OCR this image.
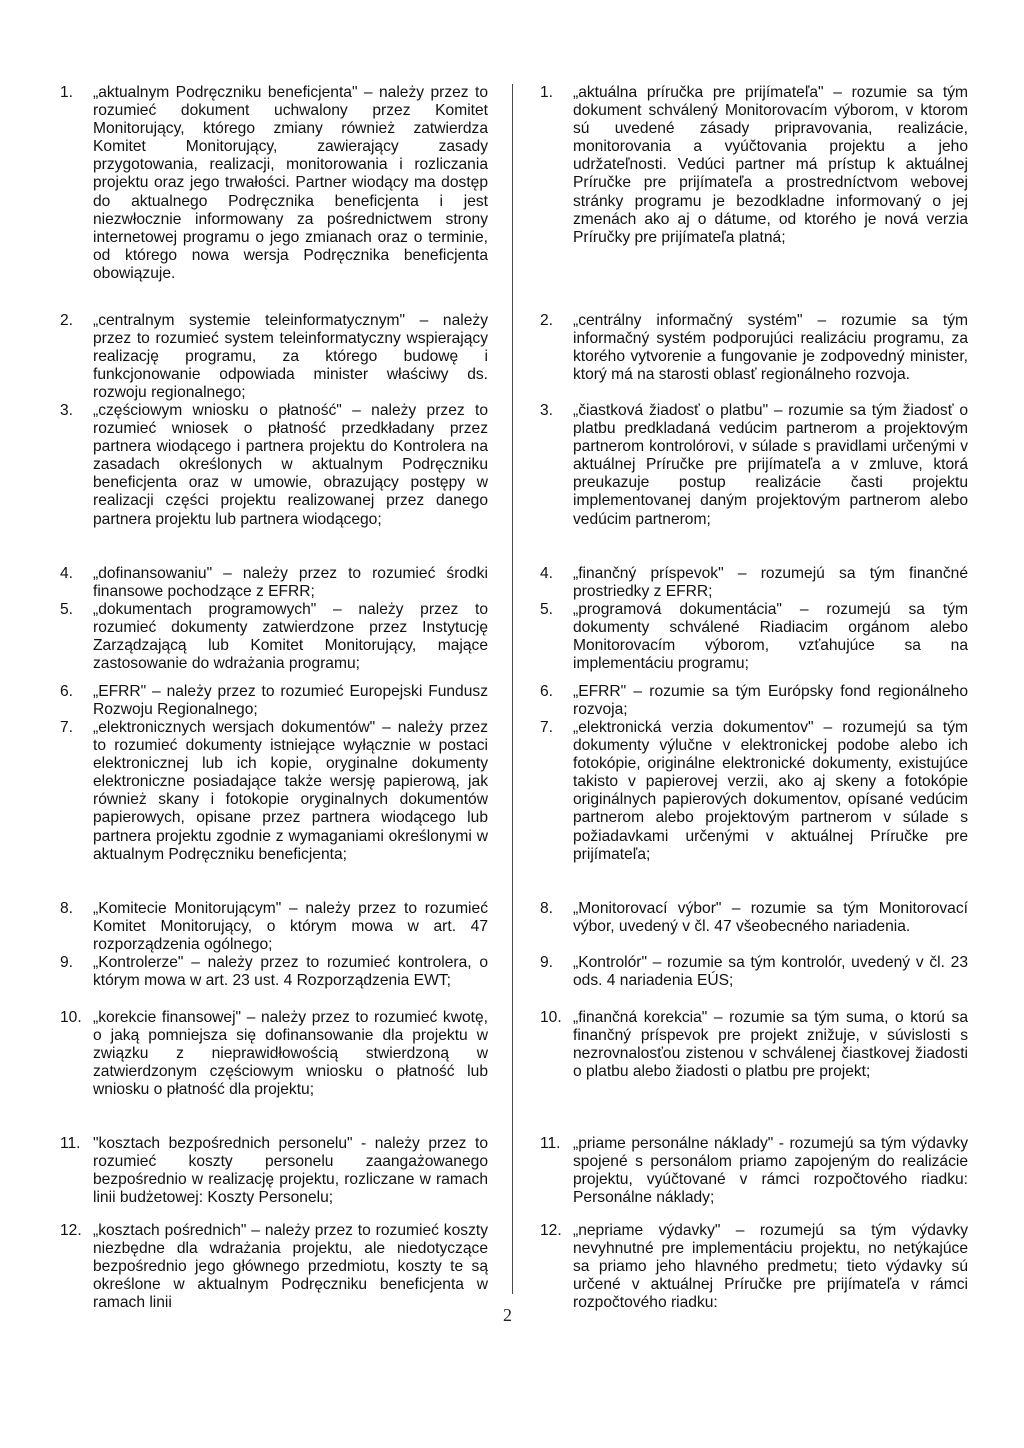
1.	„aktualnym Podręczniku beneficjenta" – należy przez to rozumieć dokument uchwalony przez Komitet Monitorujący, którego zmiany również zatwierdza Komitet Monitorujący, zawierający zasady przygotowania, realizacji, monitorowania i rozliczania projektu oraz jego trwałości. Partner wiodący ma dostęp do aktualnego Podręcznika beneficjenta i jest niezwłocznie informowany za pośrednictwem strony internetowej programu o jego zmianach oraz o terminie, od którego nowa wersja Podręcznika beneficjenta obowiązuje.
2.	„centralnym systemie teleinformatycznym" – należy przez to rozumieć system teleinformatyczny wspierający realizację programu, za którego budowę i funkcjonowanie odpowiada minister właściwy ds. rozwoju regionalnego;
3.	„częściowym wniosku o płatność" – należy przez to rozumieć wniosek o płatność przedkładany przez partnera wiodącego i partnera projektu do Kontrolera na zasadach określonych w aktualnym Podręczniku beneficjenta oraz w umowie, obrazujący postępy w realizacji części projektu realizowanej przez danego partnera projektu lub partnera wiodącego;
4.	„dofinansowaniu" – należy przez to rozumieć środki finansowe pochodzące z EFRR;
5.	„dokumentach programowych" – należy przez to rozumieć dokumenty zatwierdzone przez Instytucję Zarządzającą lub Komitet Monitorujący, mające zastosowanie do wdrażania programu;
6.	„EFRR" – należy przez to rozumieć Europejski Fundusz Rozwoju Regionalnego;
7.	„elektronicznych wersjach dokumentów" – należy przez to rozumieć dokumenty istniejące wyłącznie w postaci elektronicznej lub ich kopie, oryginalne dokumenty elektroniczne posiadające także wersję papierową, jak również skany i fotokopie oryginalnych dokumentów papierowych, opisane przez partnera wiodącego lub partnera projektu zgodnie z wymaganiami określonymi w aktualnym Podręczniku beneficjenta;
8.	„Komitecie Monitorującym" – należy przez to rozumieć Komitet Monitorujący, o którym mowa w art. 47 rozporządzenia ogólnego;
9.	„Kontrolerze" – należy przez to rozumieć kontrolera, o którym mowa w art. 23 ust. 4 Rozporządzenia EWT;
10. „korekcie finansowej" – należy przez to rozumieć kwotę, o jaką pomniejsza się dofinansowanie dla projektu w związku z nieprawidłowością stwierdzoną w zatwierdzonym częściowym wniosku o płatność lub wniosku o płatność dla projektu;
11. "kosztach bezpośrednich personelu" - należy przez to rozumieć koszty personelu zaangażowanego bezpośrednio w realizację projektu, rozliczane w ramach linii budżetowej: Koszty Personelu;
12. „kosztach pośrednich" – należy przez to rozumieć koszty niezbędne dla wdrażania projektu, ale niedotyczące bezpośrednio jego głównego przedmiotu, koszty te są określone w aktualnym Podręczniku beneficjenta w ramach linii
1.	„aktuálna príručka pre prijímateľa" – rozumie sa tým dokument schválený Monitorovacím výborom, v ktorom sú uvedené zásady pripravovania, realizácie, monitorovania a vyúčtovania projektu a jeho udržateľnosti. Vedúci partner má prístup k aktuálnej Príručke pre prijímateľa a prostredníctvom webovej stránky programu je bezodkladne informovaný o jej zmenách ako aj o dátume, od ktorého je nová verzia Príručky pre prijímateľa platná;
2.	„centrálny informačný systém" – rozumie sa tým informačný systém podporujúci realizáciu programu, za ktorého vytvorenie a fungovanie je zodpovedný minister, ktorý má na starosti oblasť regionálneho rozvoja.
3.	„čiastková žiadosť o platbu" – rozumie sa tým žiadosť o platbu predkladaná vedúcim partnerom a projektovým partnerom kontrolórovi, v súlade s pravidlami určenými v aktuálnej Príručke pre prijímateľa a v zmluve, ktorá preukazuje postup realizácie časti projektu implementovanej daným projektovým partnerom alebo vedúcim partnerom;
4.	„finančný príspevok" – rozumejú sa tým finančné prostriedky z EFRR;
5.	„programová dokumentácia" – rozumejú sa tým dokumenty schválené Riadiacim orgánom alebo Monitorovacím výborom, vzťahujúce sa na implementáciu programu;
6.	„EFRR" – rozumie sa tým Európsky fond regionálneho rozvoja;
7.	„elektronická verzia dokumentov" – rozumejú sa tým dokumenty výlučne v elektronickej podobe alebo ich fotokópie, originálne elektronické dokumenty, existujúce takisto v papierovej verzii, ako aj skeny a fotokópie originálnych papierových dokumentov, opísané vedúcim partnerom alebo projektovým partnerom v súlade s požiadavkami určenými v aktuálnej Príručke pre prijímateľa;
8.	„Monitorovací výbor" – rozumie sa tým Monitorovací výbor, uvedený v čl. 47 všeobecného nariadenia.
9.	„Kontrolór" – rozumie sa tým kontrolór, uvedený v čl. 23 ods. 4 nariadenia EÚS;
10. „finančná korekcia" – rozumie sa tým suma, o ktorú sa finančný príspevok pre projekt znižuje, v súvislosti s nezrovnalosťou zistenou v schválenej čiastkovej žiadosti o platbu alebo žiadosti o platbu pre projekt;
11. „priame personálne náklady" - rozumejú sa tým výdavky spojené s personálom priamo zapojeným do realizácie projektu, vyúčtované v rámci rozpočtového riadku: Personálne náklady;
12. „nepriame výdavky" – rozumejú sa tým výdavky nevyhnutné pre implementáciu projektu, no netýkajúce sa priamo jeho hlavného predmetu; tieto výdavky sú určené v aktuálnej Príručke pre prijímateľa v rámci rozpočtového riadku:
2
